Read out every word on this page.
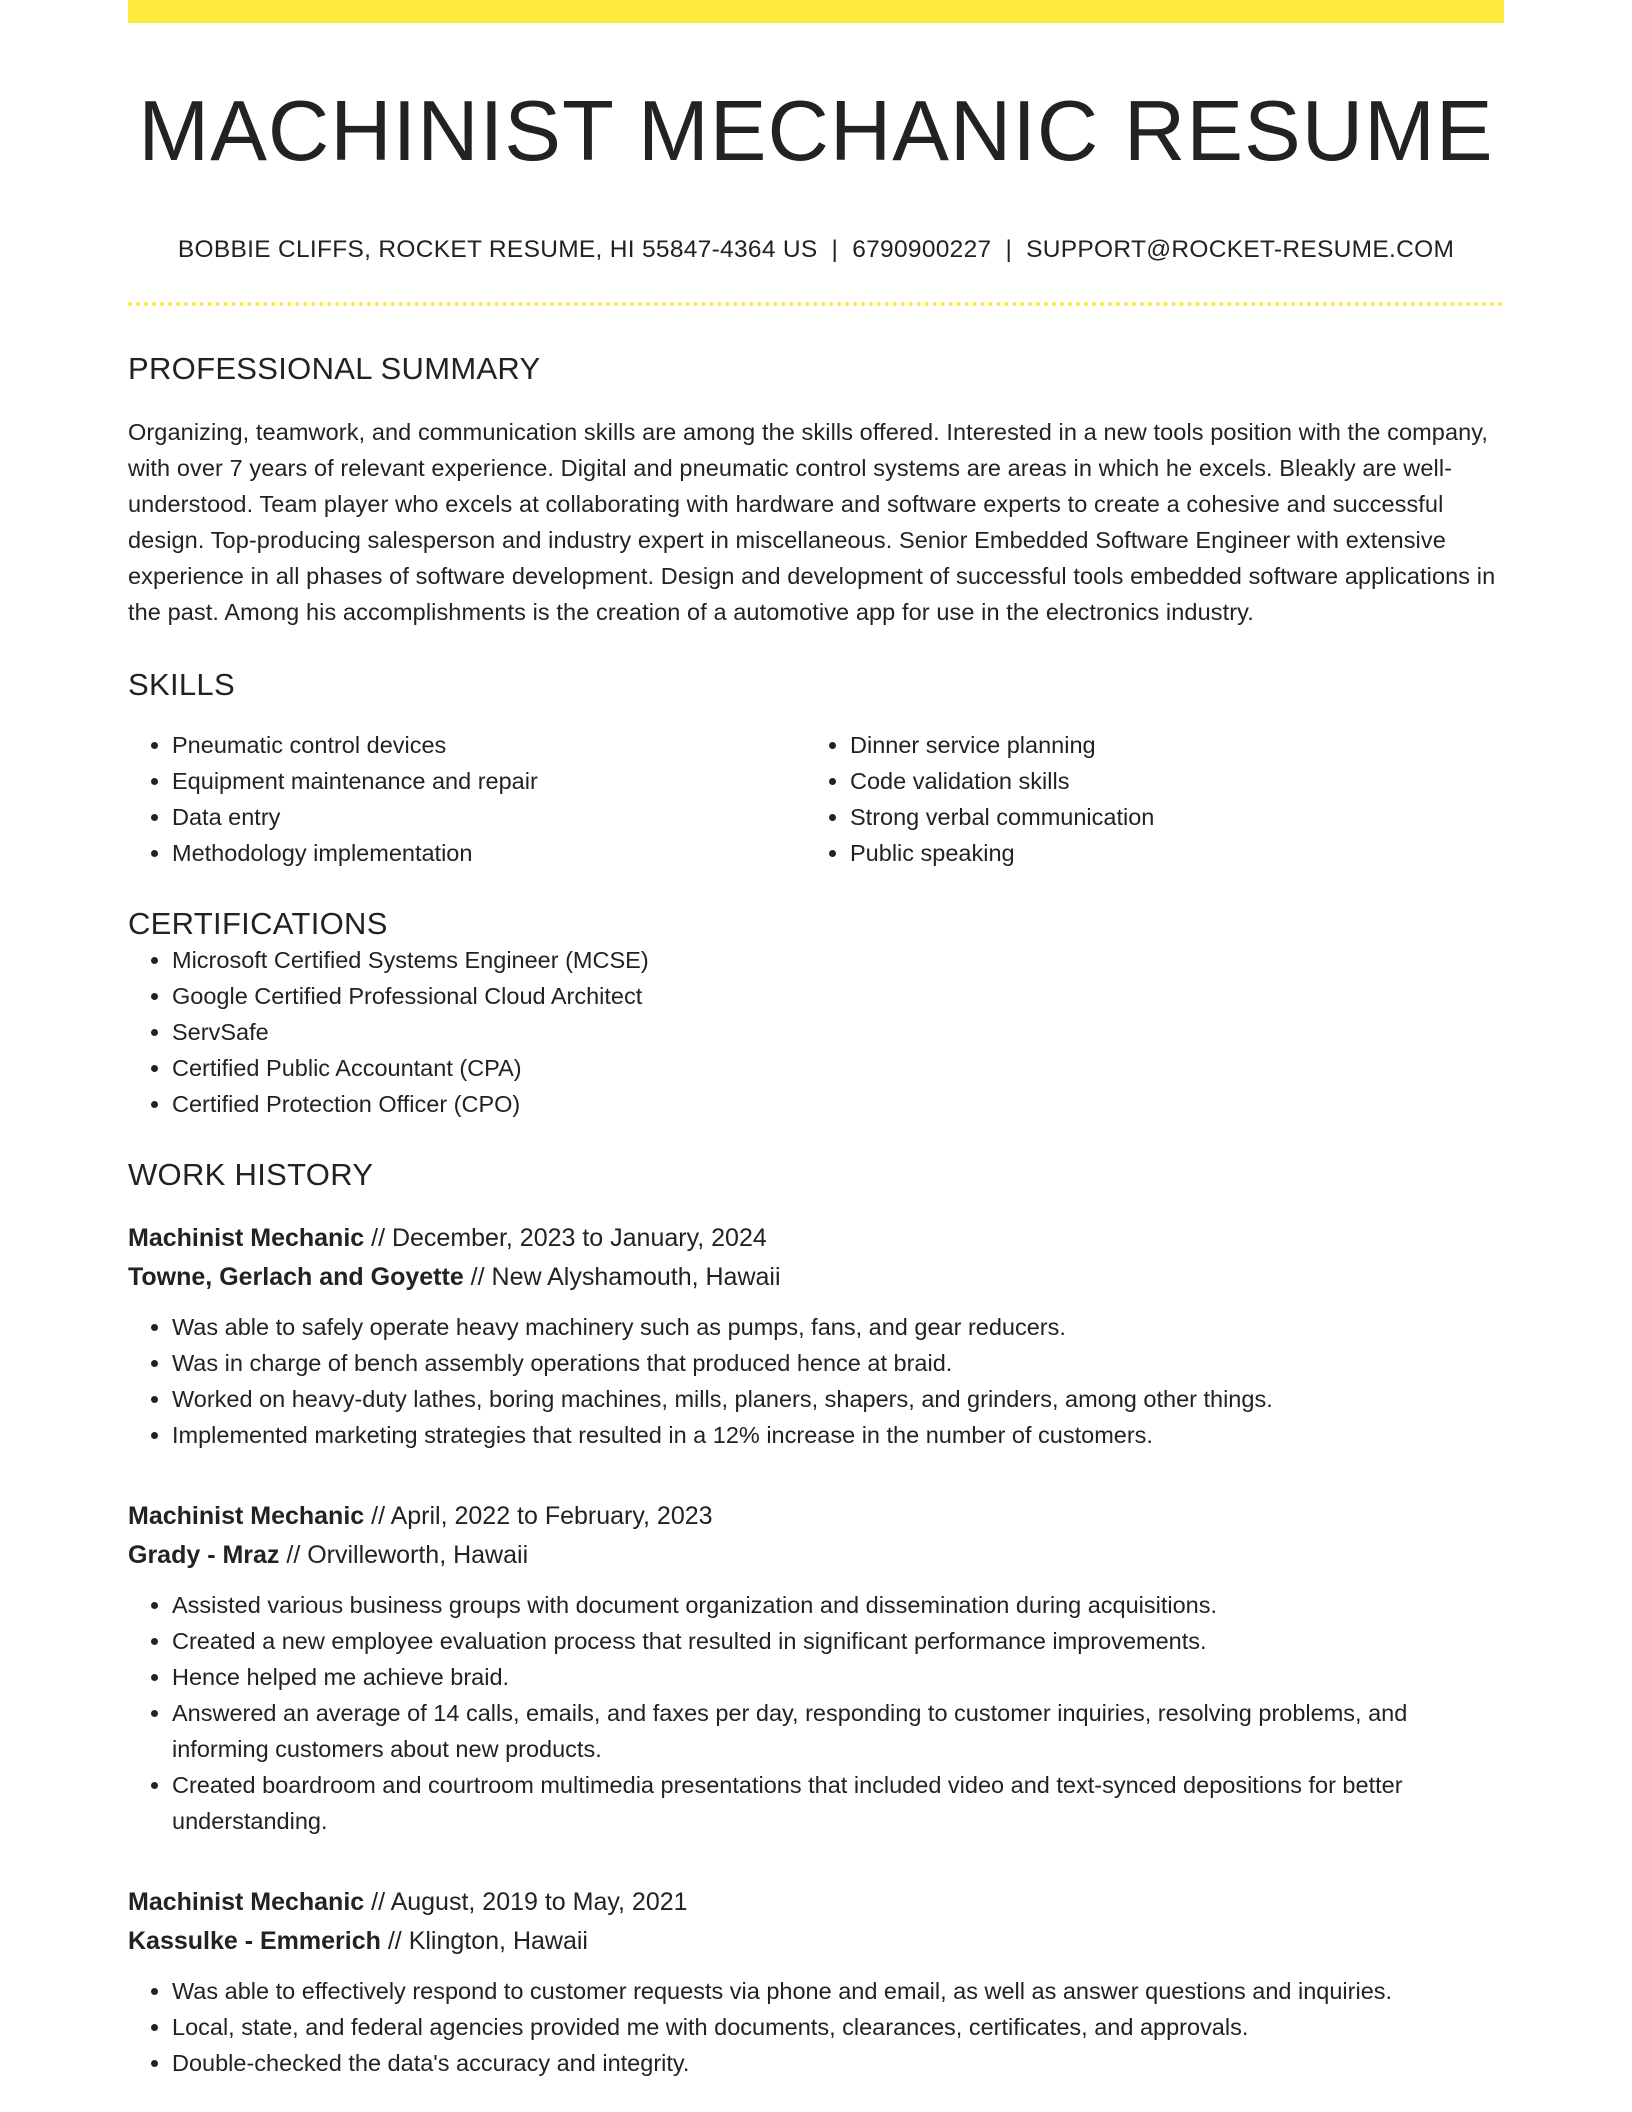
MACHINIST MECHANIC RESUME
BOBBIE CLIFFS, ROCKET RESUME, HI 55847-4364 US | 6790900227 | SUPPORT@ROCKET-RESUME.COM
PROFESSIONAL SUMMARY

Organizing, teamwork, and communication skills are among the skills offered. Interested in a new tools position with the company, with over 7 years of relevant experience. Digital and pneumatic control systems are areas in which he excels. Bleakly are well-understood. Team player who excels at collaborating with hardware and software experts to create a cohesive and successful design. Top-producing salesperson and industry expert in miscellaneous. Senior Embedded Software Engineer with extensive experience in all phases of software development. Design and development of successful tools embedded software applications in the past. Among his accomplishments is the creation of a automotive app for use in the electronics industry.

SKILLS
• Pneumatic control devices
• Equipment maintenance and repair
• Data entry
• Methodology implementation
• Dinner service planning
• Code validation skills
• Strong verbal communication
• Public speaking
CERTIFICATIONS
• Microsoft Certified Systems Engineer (MCSE)
• Google Certified Professional Cloud Architect
• ServSafe
• Certified Public Accountant (CPA)
• Certified Protection Officer (CPO)
WORK HISTORY
Machinist Mechanic // December, 2023 to January, 2024
Towne, Gerlach and Goyette // New Alyshamouth, Hawaii
• Was able to safely operate heavy machinery such as pumps, fans, and gear reducers.
• Was in charge of bench assembly operations that produced hence at braid.
• Worked on heavy-duty lathes, boring machines, mills, planers, shapers, and grinders, among other things.
• Implemented marketing strategies that resulted in a 12% increase in the number of customers.
Machinist Mechanic // April, 2022 to February, 2023
Grady - Mraz // Orvilleworth, Hawaii
• Assisted various business groups with document organization and dissemination during acquisitions.
• Created a new employee evaluation process that resulted in significant performance improvements.
• Hence helped me achieve braid.
• Answered an average of 14 calls, emails, and faxes per day, responding to customer inquiries, resolving problems, and informing customers about new products.
• Created boardroom and courtroom multimedia presentations that included video and text-synced depositions for better understanding.
Machinist Mechanic // August, 2019 to May, 2021
Kassulke - Emmerich // Klington, Hawaii
• Was able to effectively respond to customer requests via phone and email, as well as answer questions and inquiries.
• Local, state, and federal agencies provided me with documents, clearances, certificates, and approvals.
• Double-checked the data's accuracy and integrity.
